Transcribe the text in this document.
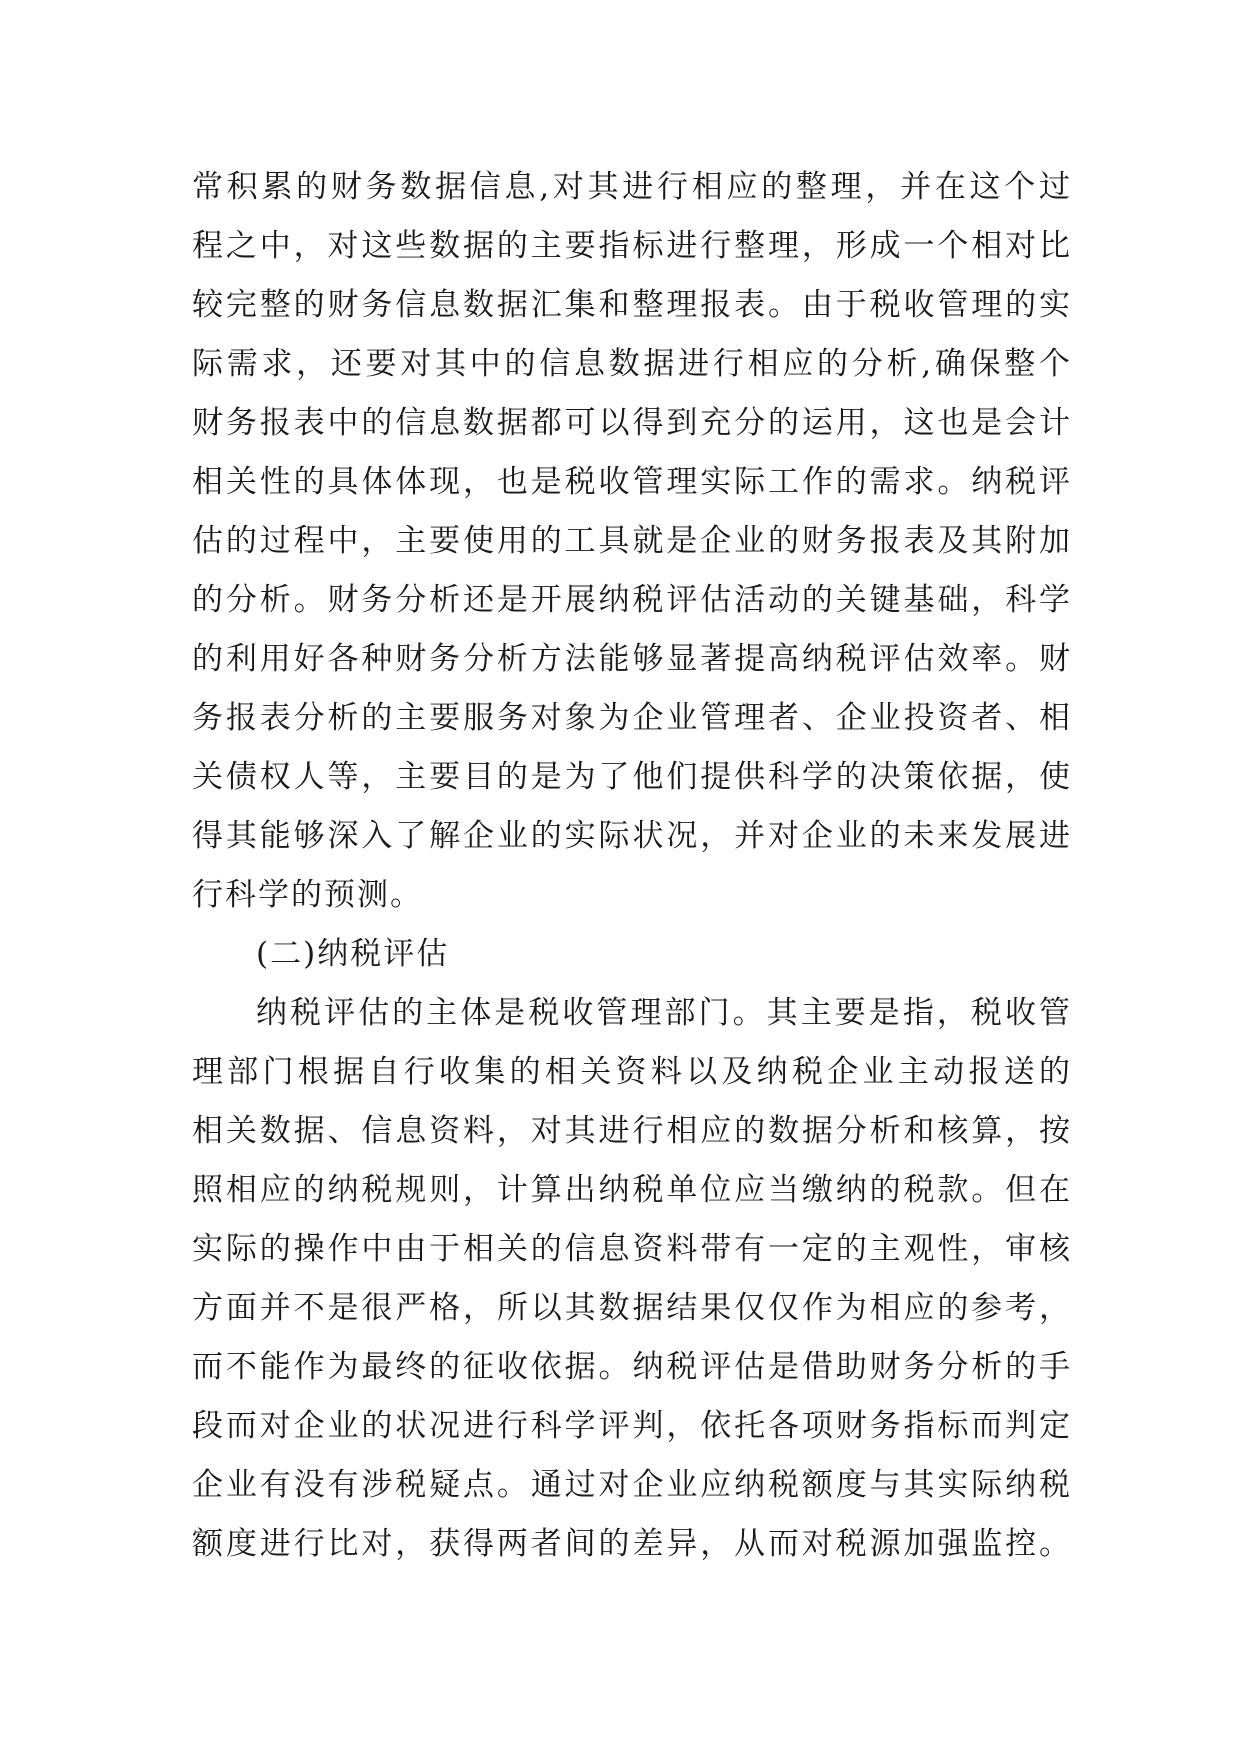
常积累的财务数据信息,对其进行相应的整理，并在这个过
程之中，对这些数据的主要指标进行整理，形成一个相对比
较完整的财务信息数据汇集和整理报表。由于税收管理的实
际需求，还要对其中的信息数据进行相应的分析,确保整个
财务报表中的信息数据都可以得到充分的运用，这也是会计
相关性的具体体现，也是税收管理实际工作的需求。纳税评
估的过程中，主要使用的工具就是企业的财务报表及其附加
的分析。财务分析还是开展纳税评估活动的关键基础，科学
的利用好各种财务分析方法能够显著提高纳税评估效率。财
务报表分析的主要服务对象为企业管理者、企业投资者、相
关债权人等，主要目的是为了他们提供科学的决策依据，使
得其能够深入了解企业的实际状况，并对企业的未来发展进
行科学的预测。
(二)纳税评估
纳税评估的主体是税收管理部门。其主要是指，税收管
理部门根据自行收集的相关资料以及纳税企业主动报送的
相关数据、信息资料，对其进行相应的数据分析和核算，按
照相应的纳税规则，计算出纳税单位应当缴纳的税款。但在
实际的操作中由于相关的信息资料带有一定的主观性，审核
方面并不是很严格，所以其数据结果仅仅作为相应的参考，
而不能作为最终的征收依据。纳税评估是借助财务分析的手
段而对企业的状况进行科学评判，依托各项财务指标而判定
企业有没有涉税疑点。通过对企业应纳税额度与其实际纳税
额度进行比对，获得两者间的差异，从而对税源加强监控。
